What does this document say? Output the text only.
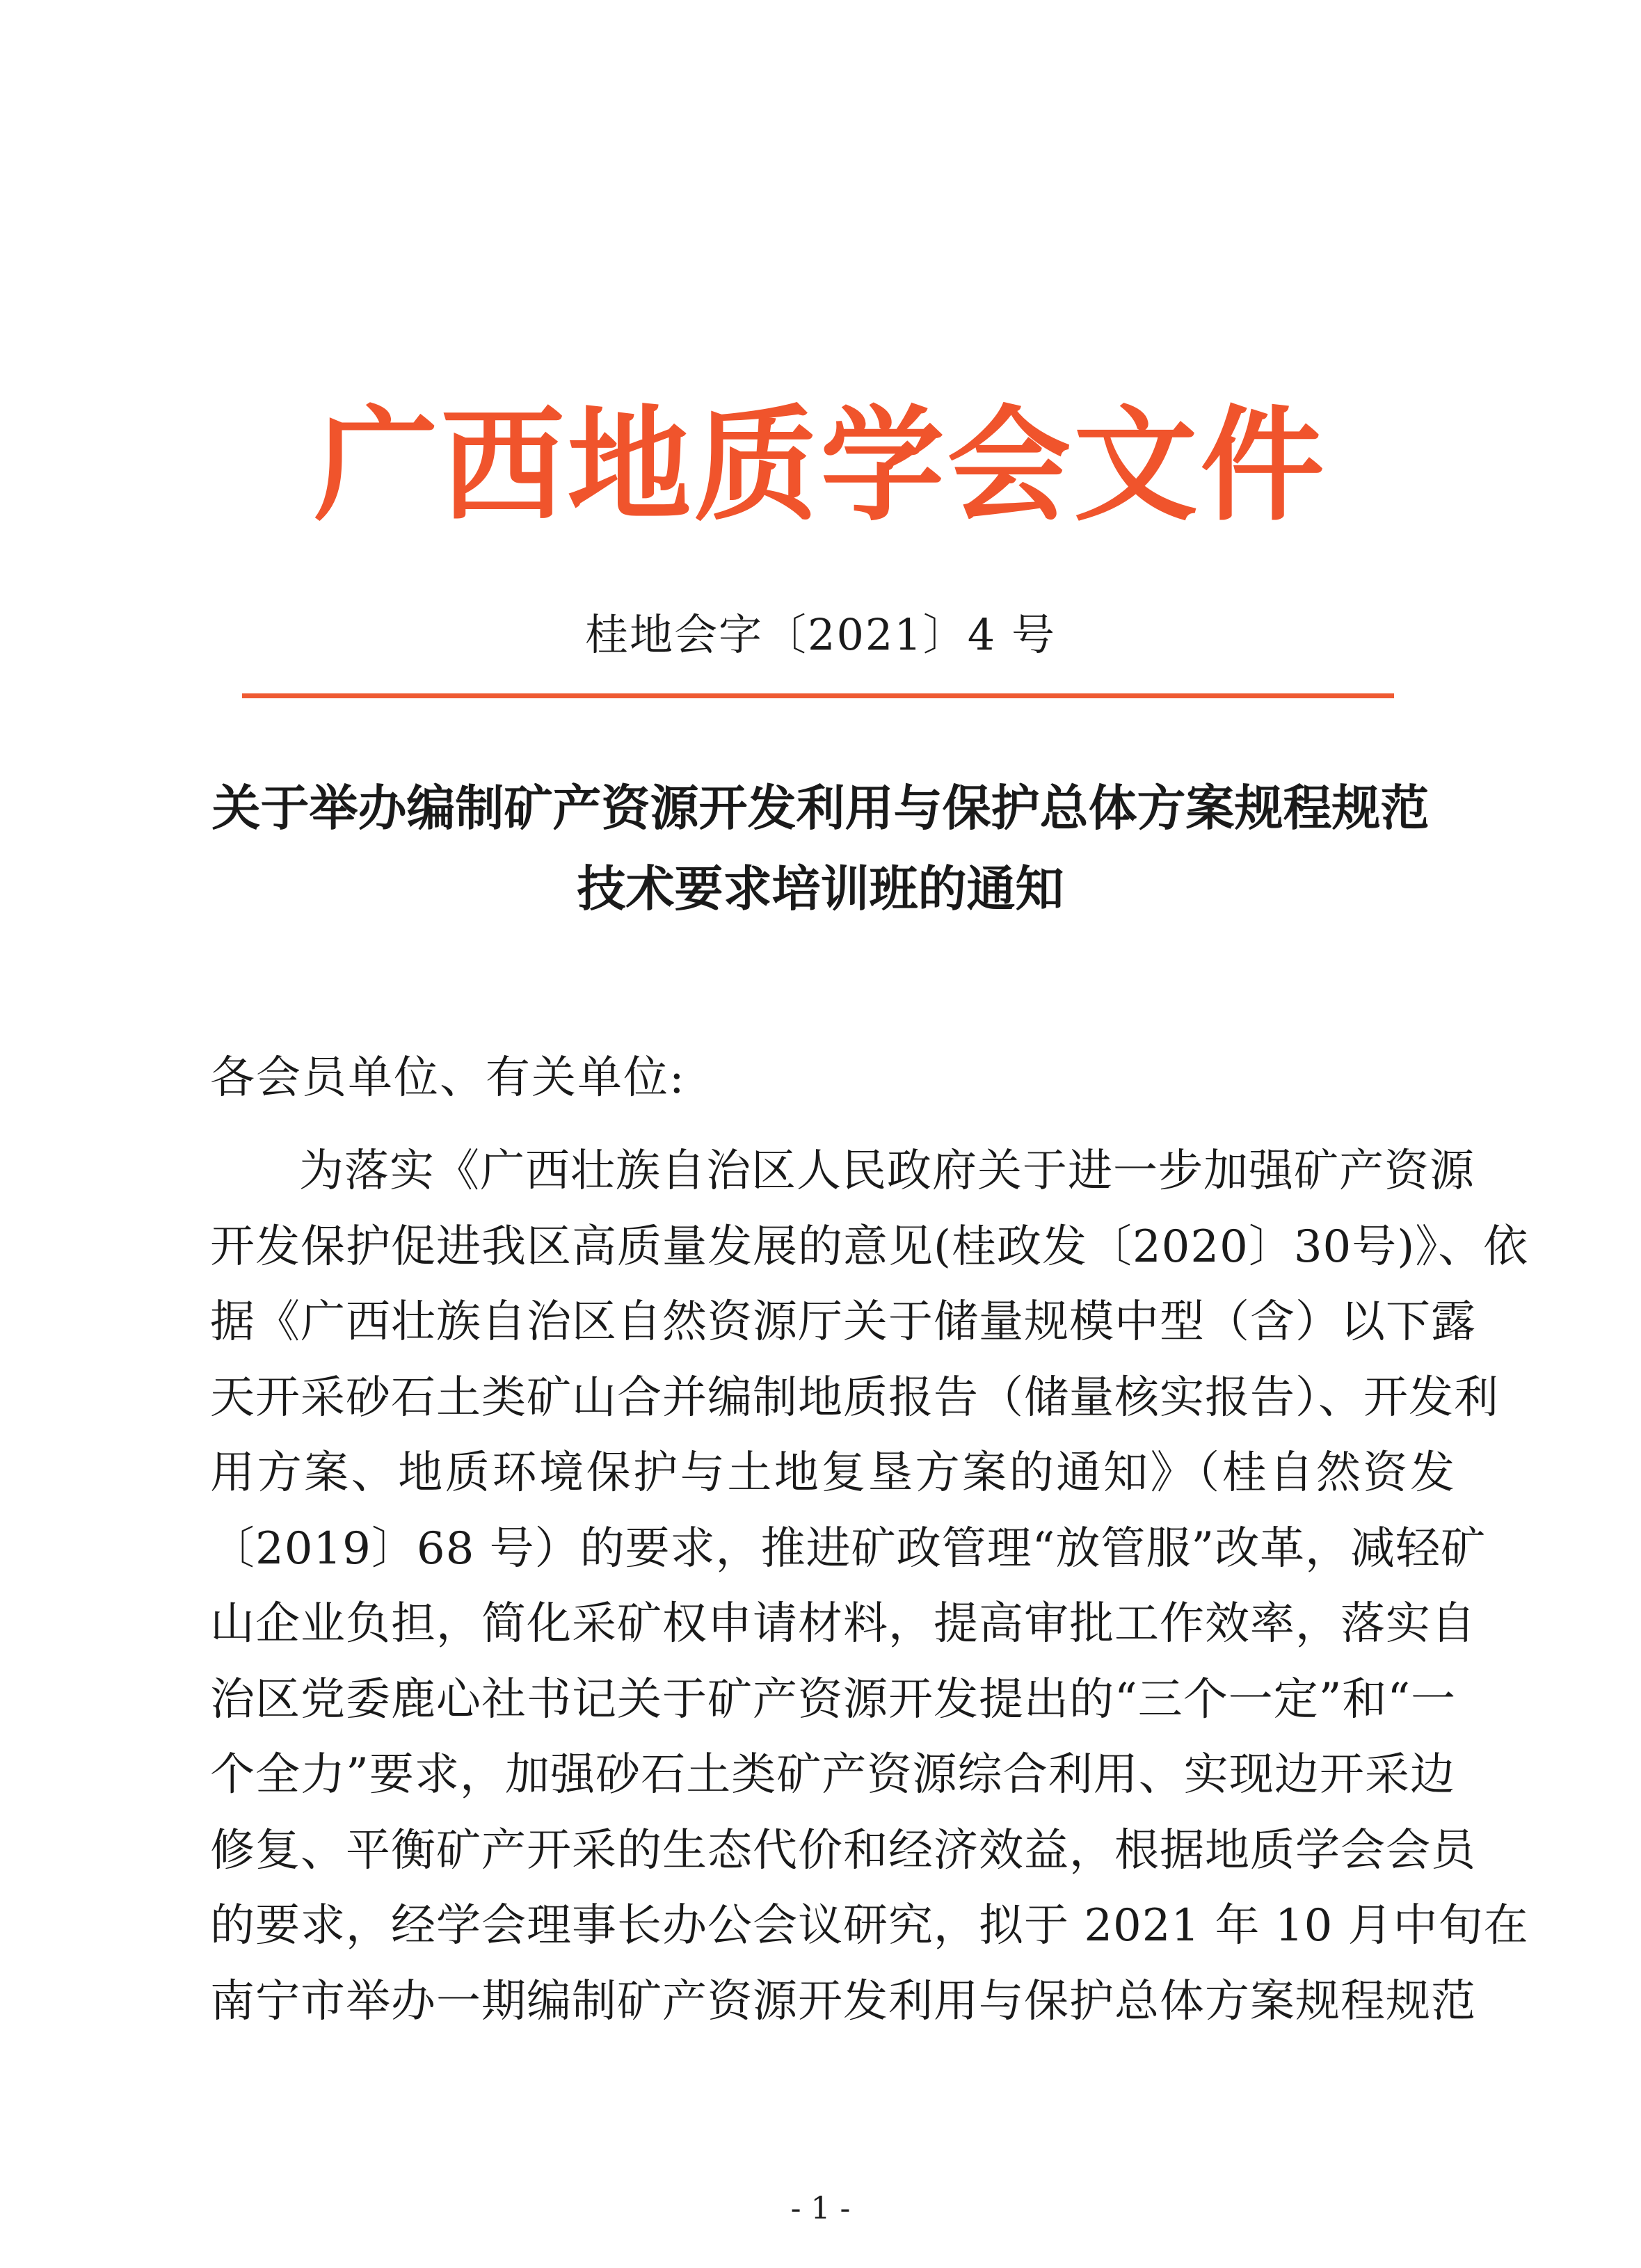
广西地质学会文件
桂地会字〔2021〕4 号
关于举办编制矿产资源开发利用与保护总体方案规程规范
技术要求培训班的通知
各会员单位、有关单位:
为落实《广西壮族自治区人民政府关于进一步加强矿产资源
开发保护促进我区高质量发展的意见(桂政发〔2020〕30号)》、依
据《广西壮族自治区自然资源厅关于储量规模中型（含）以下露
天开采砂石土类矿山合并编制地质报告（储量核实报告）、开发利
用方案、地质环境保护与土地复垦方案的通知》（桂自然资发
〔2019〕68 号）的要求，推进矿政管理“放管服”改革，减轻矿
山企业负担，简化采矿权申请材料，提高审批工作效率，落实自
治区党委鹿心社书记关于矿产资源开发提出的“三个一定”和“一
个全力”要求，加强砂石土类矿产资源综合利用、实现边开采边
修复、平衡矿产开采的生态代价和经济效益，根据地质学会会员
的要求，经学会理事长办公会议研究，拟于 2021 年 10 月中旬在
南宁市举办一期编制矿产资源开发利用与保护总体方案规程规范
- 1 -
